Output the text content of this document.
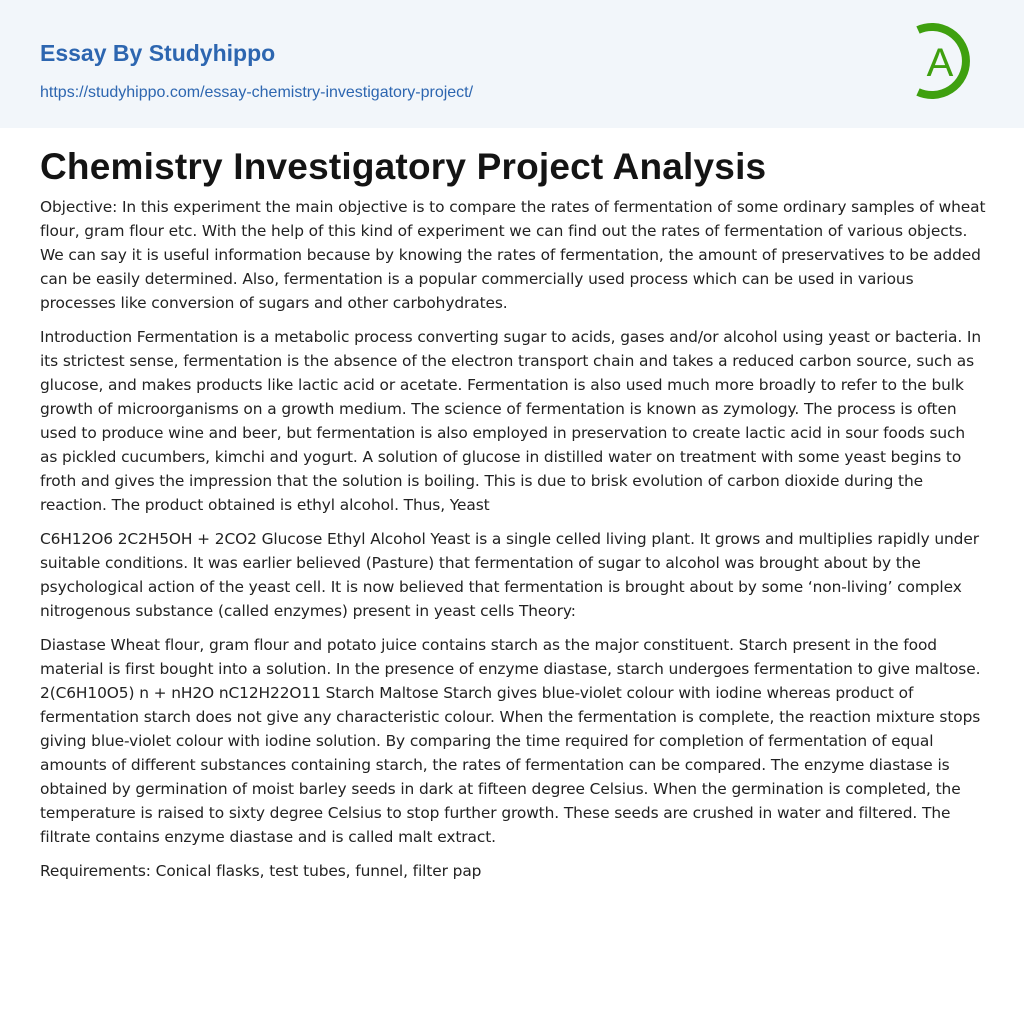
Essay By Studyhippo
https://studyhippo.com/essay-chemistry-investigatory-project/
A
Chemistry Investigatory Project Analysis

Objective: In this experiment the main objective is to compare the rates of fermentation of some ordinary samples of wheat flour, gram flour etc. With the help of this kind of experiment we can find out the rates of fermentation of various objects. We can say it is useful information because by knowing the rates of fermentation, the amount of preservatives to be added can be easily determined. Also, fermentation is a popular commercially used process which can be used in various processes like conversion of sugars and other carbohydrates.

Introduction Fermentation is a metabolic process converting sugar to acids, gases and/or alcohol using yeast or bacteria. In its strictest sense, fermentation is the absence of the electron transport chain and takes a reduced carbon source, such as glucose, and makes products like lactic acid or acetate. Fermentation is also used much more broadly to refer to the bulk growth of microorganisms on a growth medium. The science of fermentation is known as zymology. The process is often used to produce wine and beer, but fermentation is also employed in preservation to create lactic acid in sour foods such as pickled cucumbers, kimchi and yogurt. A solution of glucose in distilled water on treatment with some yeast begins to froth and gives the impression that the solution is boiling. This is due to brisk evolution of carbon dioxide during the reaction. The product obtained is ethyl alcohol. Thus, Yeast

C6H12O6 2C2H5OH + 2CO2 Glucose Ethyl Alcohol Yeast is a single celled living plant. It grows and multiplies rapidly under suitable conditions. It was earlier believed (Pasture) that fermentation of sugar to alcohol was brought about by the psychological action of the yeast cell. It is now believed that fermentation is brought about by some ‘non-living’ complex nitrogenous substance (called enzymes) present in yeast cells Theory:

Diastase Wheat flour, gram flour and potato juice contains starch as the major constituent. Starch present in the food material is first bought into a solution. In the presence of enzyme diastase, starch undergoes fermentation to give maltose. 2(C6H10O5) n + nH2O nC12H22O11 Starch Maltose Starch gives blue-violet colour with iodine whereas product of fermentation starch does not give any characteristic colour. When the fermentation is complete, the reaction mixture stops giving blue-violet colour with iodine solution. By comparing the time required for completion of fermentation of equal amounts of different substances containing starch, the rates of fermentation can be compared. The enzyme diastase is obtained by germination of moist barley seeds in dark at fifteen degree Celsius. When the germination is completed, the temperature is raised to sixty degree Celsius to stop further growth. These seeds are crushed in water and filtered. The filtrate contains enzyme diastase and is called malt extract.

Requirements: Conical flasks, test tubes, funnel, filter pap
